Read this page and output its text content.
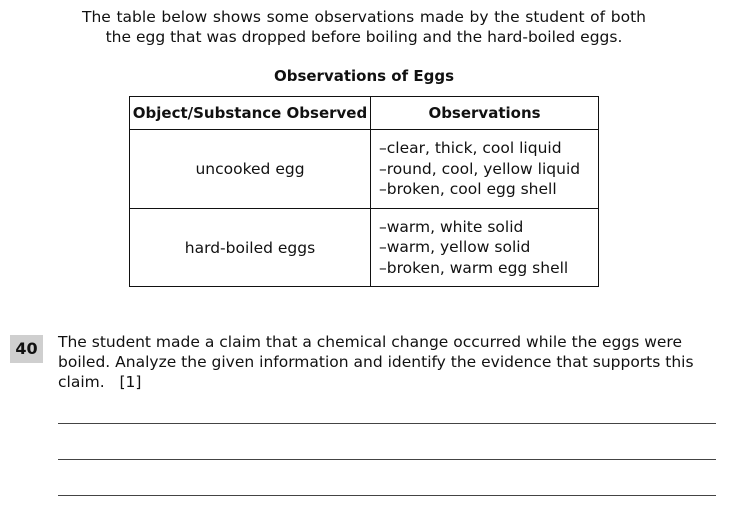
The table below shows some observations made by the student of both the egg that was dropped before boiling and the hard-boiled eggs.
Observations of Eggs
Object/Substance Observed	Observations
uncooked egg	–clear, thick, cool liquid
–round, cool, yellow liquid
–broken, cool egg shell

hard-boiled eggs	–warm, white solid
–warm, yellow solid
–broken, warm egg shell
40	The student made a claim that a chemical change occurred while the eggs were boiled. Analyze the given information and identify the evidence that supports this claim. [1]
